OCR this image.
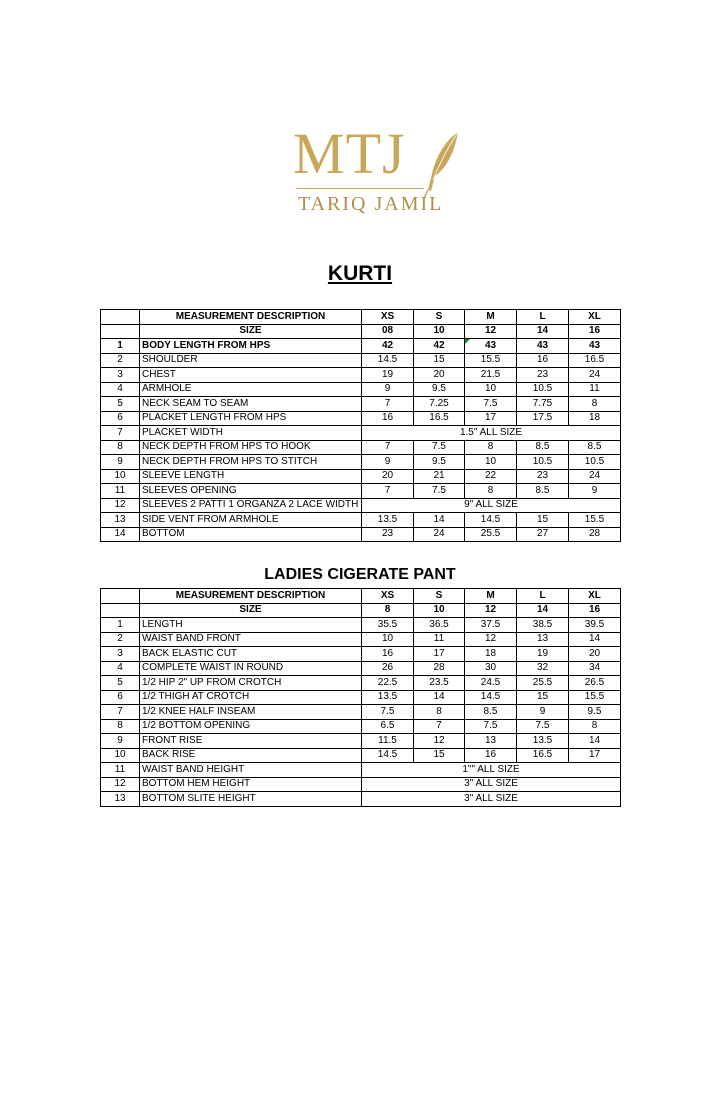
MTJ
TARIQ JAMIL
KURTI
	MEASUREMENT DESCRIPTION	XS	S	M	L	XL
	SIZE	08	10	12	14	16
1	BODY LENGTH FROM HPS	42	42	43	43	43
2	SHOULDER	14.5	15	15.5	16	16.5
3	CHEST	19	20	21.5	23	24
4	ARMHOLE	9	9.5	10	10.5	11
5	NECK SEAM TO SEAM	7	7.25	7.5	7.75	8
6	PLACKET LENGTH FROM HPS	16	16.5	17	17.5	18
7	PLACKET WIDTH	1.5" ALL SIZE				
8	NECK DEPTH FROM HPS TO HOOK	7	7.5	8	8.5	8.5
9	NECK DEPTH FROM HPS TO STITCH	9	9.5	10	10.5	10.5
10	SLEEVE LENGTH	20	21	22	23	24
11	SLEEVES OPENING	7	7.5	8	8.5	9
12	SLEEVES 2 PATTI 1 ORGANZA 2 LACE WIDTH	9" ALL SIZE				
13	SIDE VENT FROM ARMHOLE	13.5	14	14.5	15	15.5
14	BOTTOM	23	24	25.5	27	28
LADIES CIGERATE PANT
	MEASUREMENT DESCRIPTION	XS	S	M	L	XL
	SIZE	8	10	12	14	16
1	LENGTH	35.5	36.5	37.5	38.5	39.5
2	WAIST BAND FRONT	10	11	12	13	14
3	BACK ELASTIC CUT	16	17	18	19	20
4	COMPLETE WAIST IN ROUND	26	28	30	32	34
5	1/2 HIP 2" UP FROM CROTCH	22.5	23.5	24.5	25.5	26.5
6	1/2 THIGH AT CROTCH	13.5	14	14.5	15	15.5
7	1/2 KNEE HALF INSEAM	7.5	8	8.5	9	9.5
8	1/2 BOTTOM OPENING	6.5	7	7.5	7.5	8
9	FRONT RISE	11.5	12	13	13.5	14
10	BACK RISE	14.5	15	16	16.5	17
11	WAIST BAND HEIGHT	1"" ALL SIZE				
12	BOTTOM HEM HEIGHT	3" ALL SIZE				
13	BOTTOM SLITE HEIGHT	3" ALL SIZE				
